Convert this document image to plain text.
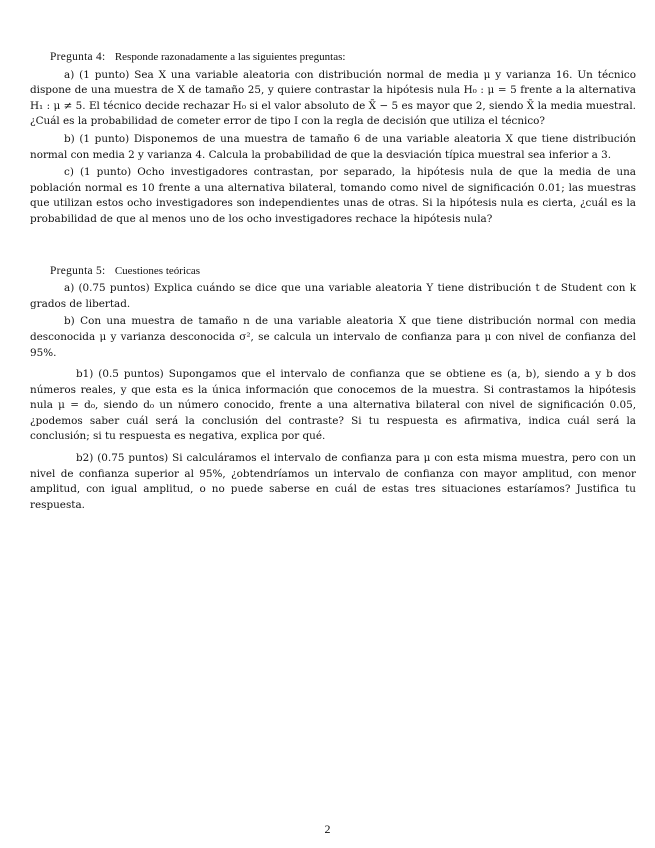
Pregunta 4: Responde razonadamente a las siguientes preguntas:

a) (1 punto) Sea X una variable aleatoria con distribución normal de media μ y varianza 16. Un técnico dispone de una muestra de X de tamaño 25, y quiere contrastar la hipótesis nula H₀ : μ = 5 frente a la alternativa H₁ : μ ≠ 5. El técnico decide rechazar H₀ si el valor absoluto de X̄ − 5 es mayor que 2, siendo X̄ la media muestral. ¿Cuál es la probabilidad de cometer error de tipo I con la regla de decisión que utiliza el técnico?

b) (1 punto) Disponemos de una muestra de tamaño 6 de una variable aleatoria X que tiene distribución normal con media 2 y varianza 4. Calcula la probabilidad de que la desviación típica muestral sea inferior a 3.

c) (1 punto) Ocho investigadores contrastan, por separado, la hipótesis nula de que la media de una población normal es 10 frente a una alternativa bilateral, tomando como nivel de significación 0.01; las muestras que utilizan estos ocho investigadores son independientes unas de otras. Si la hipótesis nula es cierta, ¿cuál es la probabilidad de que al menos uno de los ocho investigadores rechace la hipótesis nula?

Pregunta 5: Cuestiones teóricas

a) (0.75 puntos) Explica cuándo se dice que una variable aleatoria Y tiene distribución t de Student con k grados de libertad.

b) Con una muestra de tamaño n de una variable aleatoria X que tiene distribución normal con media desconocida μ y varianza desconocida σ², se calcula un intervalo de confianza para μ con nivel de confianza del 95%.

b1) (0.5 puntos) Supongamos que el intervalo de confianza que se obtiene es (a, b), siendo a y b dos números reales, y que esta es la única información que conocemos de la muestra. Si contrastamos la hipótesis nula μ = d₀, siendo d₀ un número conocido, frente a una alternativa bilateral con nivel de significación 0.05, ¿podemos saber cuál será la conclusión del contraste? Si tu respuesta es afirmativa, indica cuál será la conclusión; si tu respuesta es negativa, explica por qué.

b2) (0.75 puntos) Si calculáramos el intervalo de confianza para μ con esta misma muestra, pero con un nivel de confianza superior al 95%, ¿obtendríamos un intervalo de confianza con mayor amplitud, con menor amplitud, con igual amplitud, o no puede saberse en cuál de estas tres situaciones estaríamos? Justifica tu respuesta.

2
